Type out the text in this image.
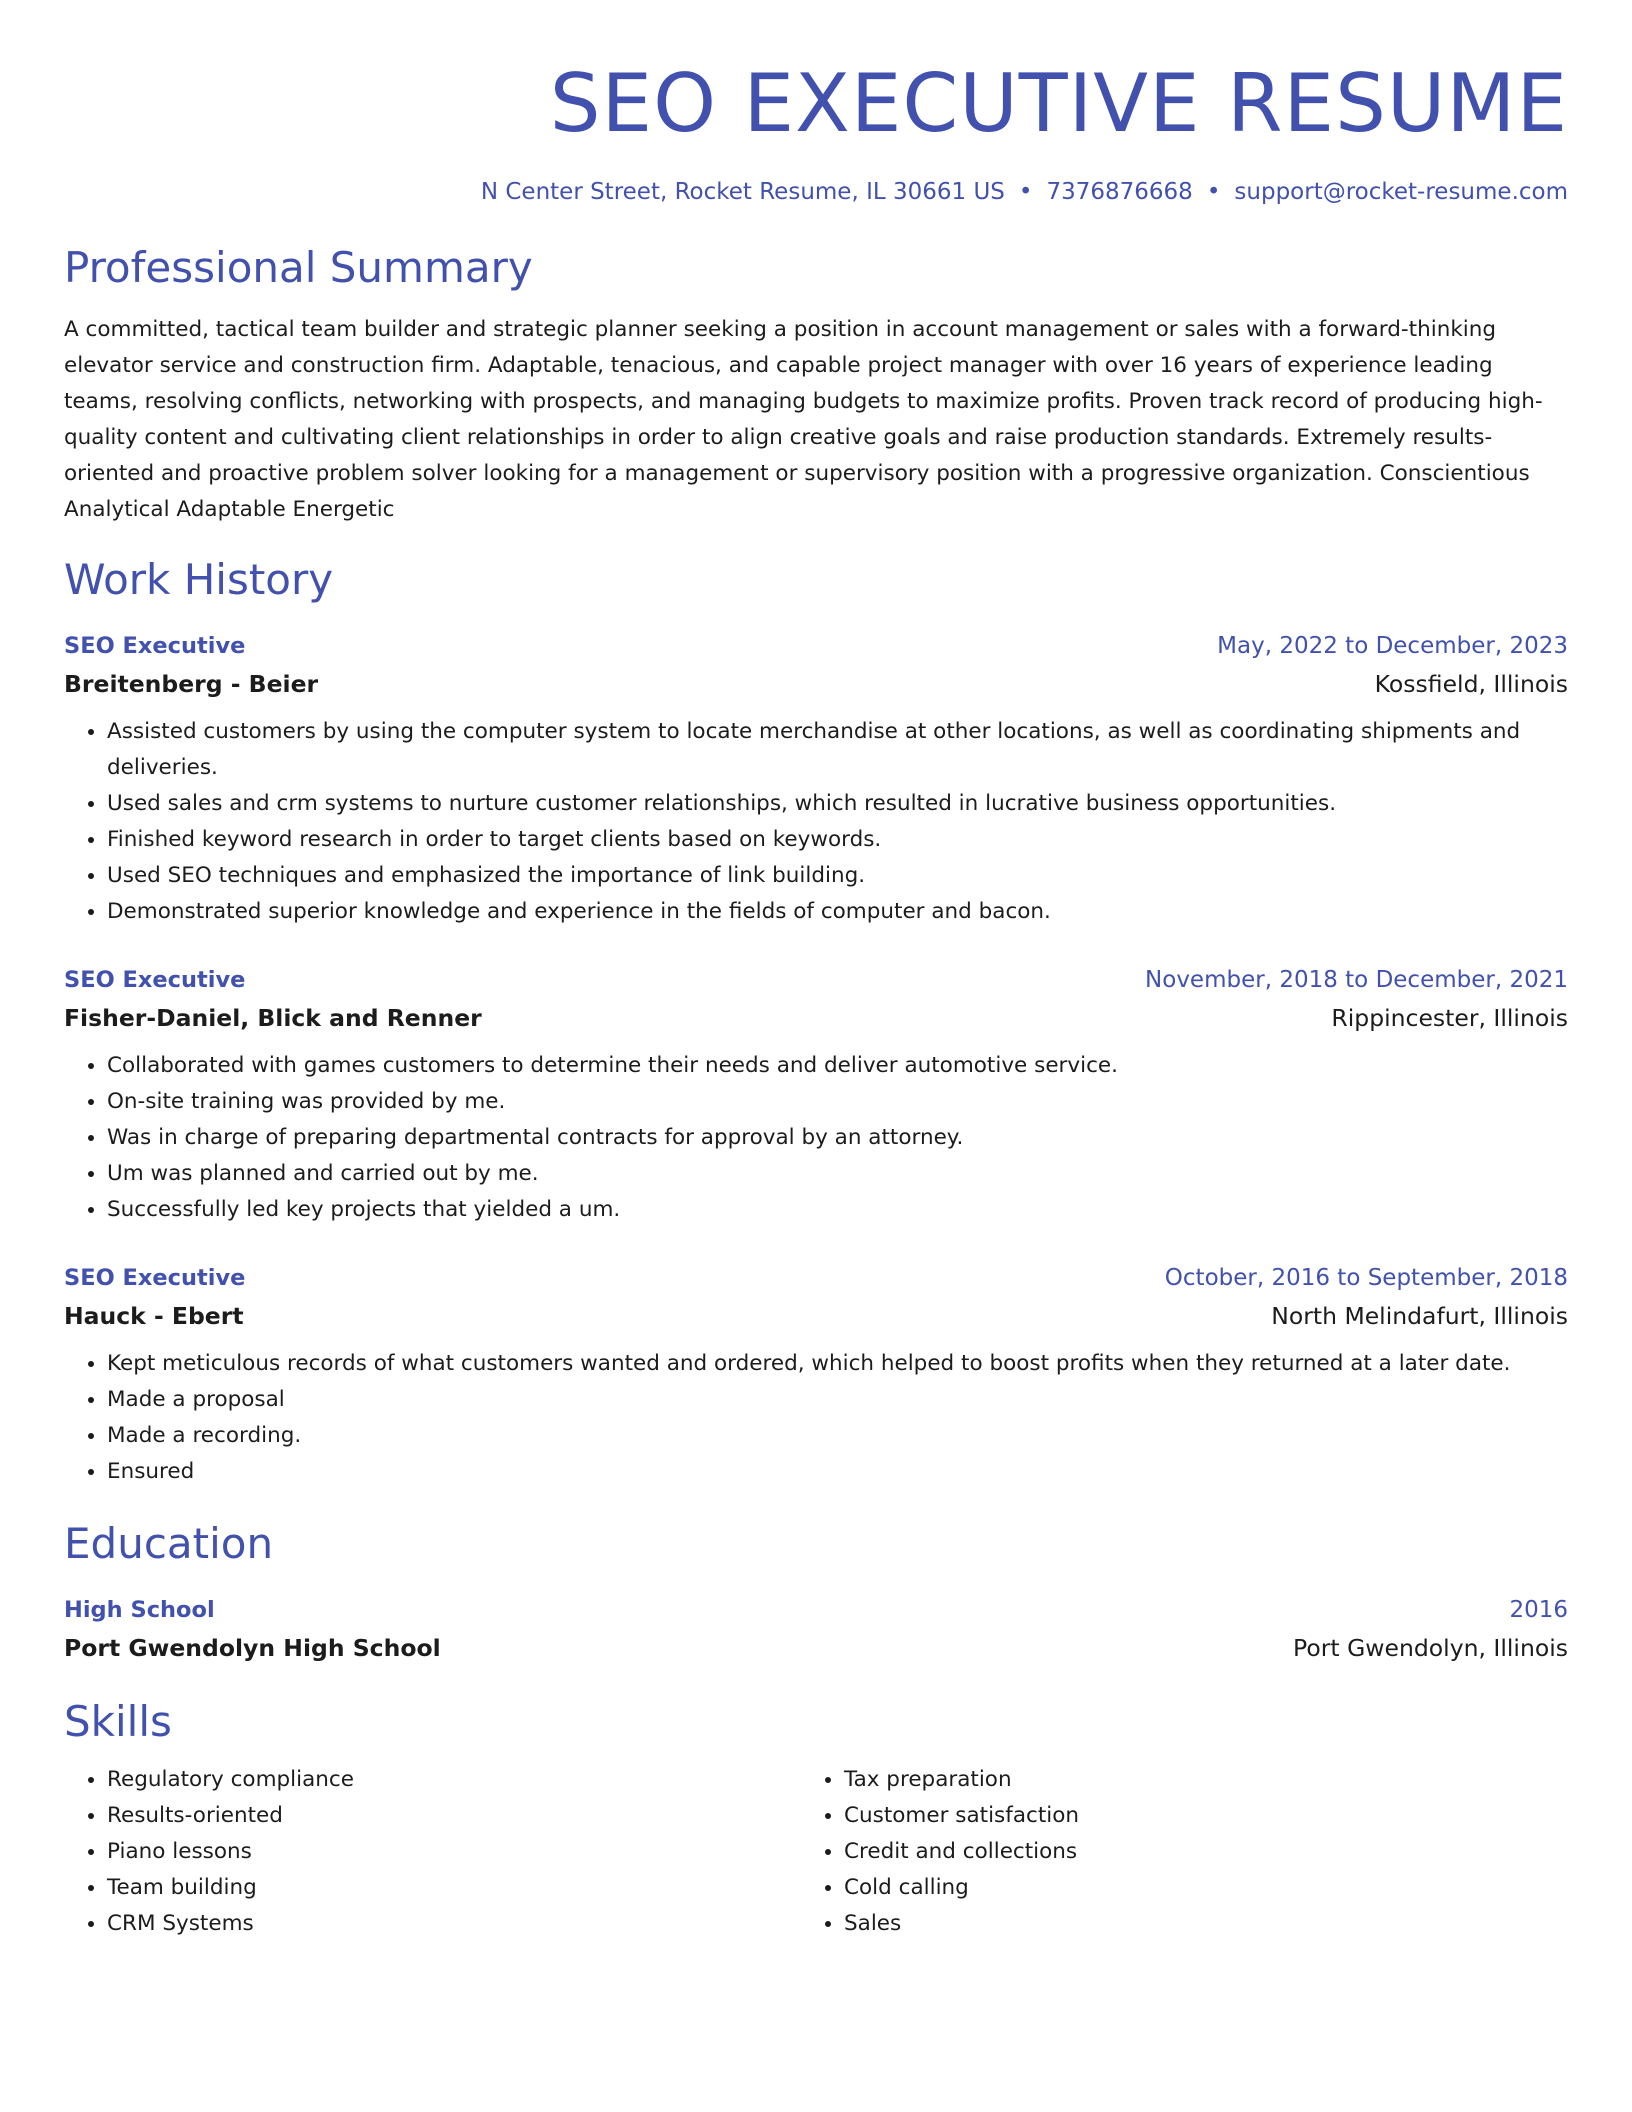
SEO EXECUTIVE RESUME
N Center Street, Rocket Resume, IL 30661 US • 7376876668 • support@rocket-resume.com
Professional Summary

A committed, tactical team builder and strategic planner seeking a position in account management or sales with a forward-thinking elevator service and construction firm. Adaptable, tenacious, and capable project manager with over 16 years of experience leading teams, resolving conflicts, networking with prospects, and managing budgets to maximize profits. Proven track record of producing high-quality content and cultivating client relationships in order to align creative goals and raise production standards. Extremely results-oriented and proactive problem solver looking for a management or supervisory position with a progressive organization. Conscientious Analytical Adaptable Energetic

Work History
SEO Executive	May, 2022 to December, 2023
Breitenberg - Beier	Kossfield, Illinois
• Assisted customers by using the computer system to locate merchandise at other locations, as well as coordinating shipments and deliveries.
• Used sales and crm systems to nurture customer relationships, which resulted in lucrative business opportunities.
• Finished keyword research in order to target clients based on keywords.
• Used SEO techniques and emphasized the importance of link building.
• Demonstrated superior knowledge and experience in the fields of computer and bacon.
SEO Executive	November, 2018 to December, 2021
Fisher-Daniel, Blick and Renner	Rippincester, Illinois
• Collaborated with games customers to determine their needs and deliver automotive service.
• On-site training was provided by me.
• Was in charge of preparing departmental contracts for approval by an attorney.
• Um was planned and carried out by me.
• Successfully led key projects that yielded a um.
SEO Executive	October, 2016 to September, 2018
Hauck - Ebert	North Melindafurt, Illinois
• Kept meticulous records of what customers wanted and ordered, which helped to boost profits when they returned at a later date.
• Made a proposal
• Made a recording.
• Ensured
Education
High School	2016
Port Gwendolyn High School	Port Gwendolyn, Illinois
Skills
• Regulatory compliance
• Results-oriented
• Piano lessons
• Team building
• CRM Systems
• Tax preparation
• Customer satisfaction
• Credit and collections
• Cold calling
• Sales
